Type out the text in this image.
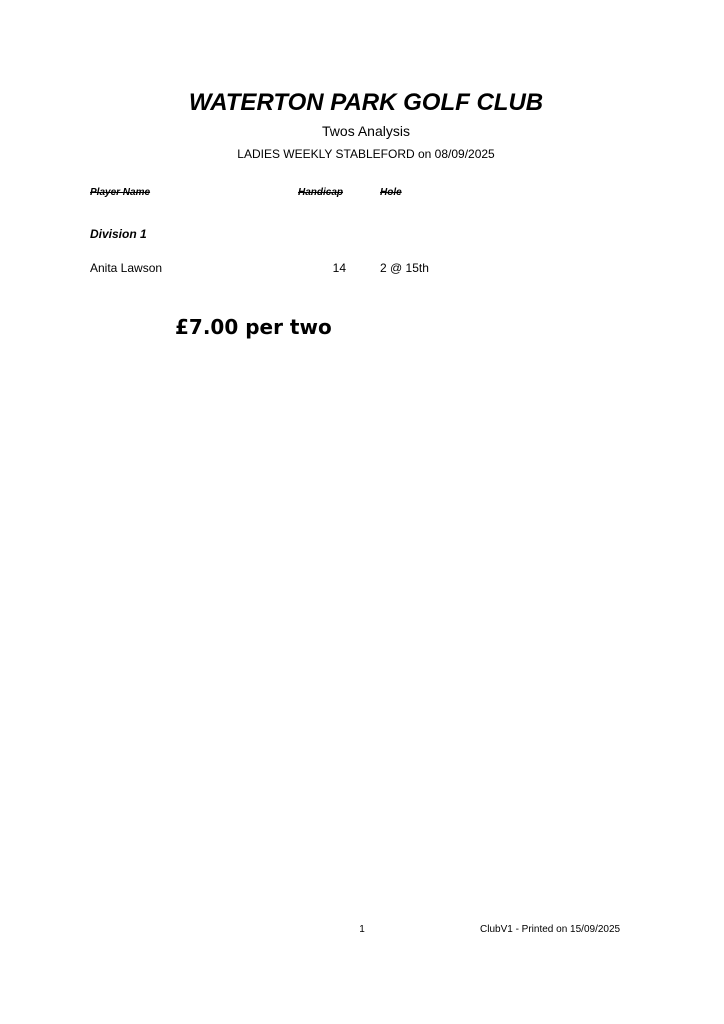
WATERTON PARK GOLF CLUB
Twos Analysis
LADIES WEEKLY STABLEFORD on 08/09/2025
Player Name	Handicap	Hole
Division 1
Anita Lawson	14	2 @ 15th
£7.00 per two
1	ClubV1 - Printed on 15/09/2025
